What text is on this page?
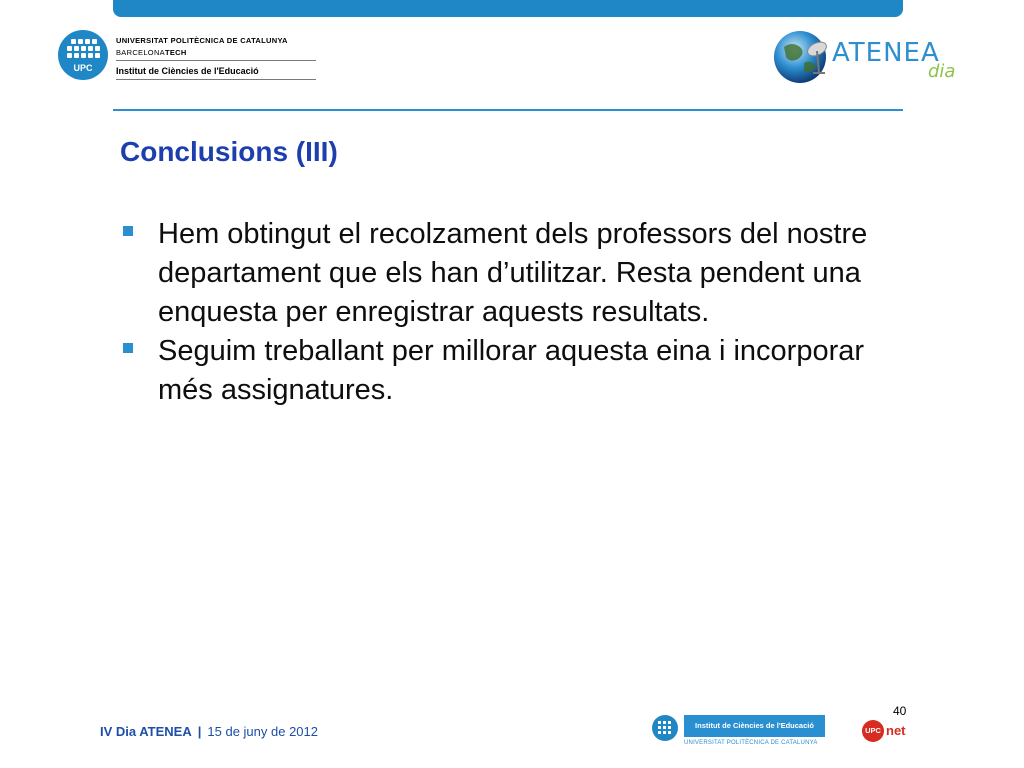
UPC
UNIVERSITAT POLITÈCNICA DE CATALUNYA
BARCELONATECH
Institut de Ciències de l'Educació
ATENEA
dia
Conclusions (III)
Hem obtingut el recolzament dels professors del nostre departament que els han d’utilitzar. Resta pendent una enquesta per enregistrar aquests resultats.
Seguim treballant per millorar aquesta eina i incorporar més assignatures.
IV Dia ATENEA | 15 de juny de 2012
40
Institut de Ciències de l'Educació
UNIVERSITAT POLITÈCNICA DE CATALUNYA
UPC net
